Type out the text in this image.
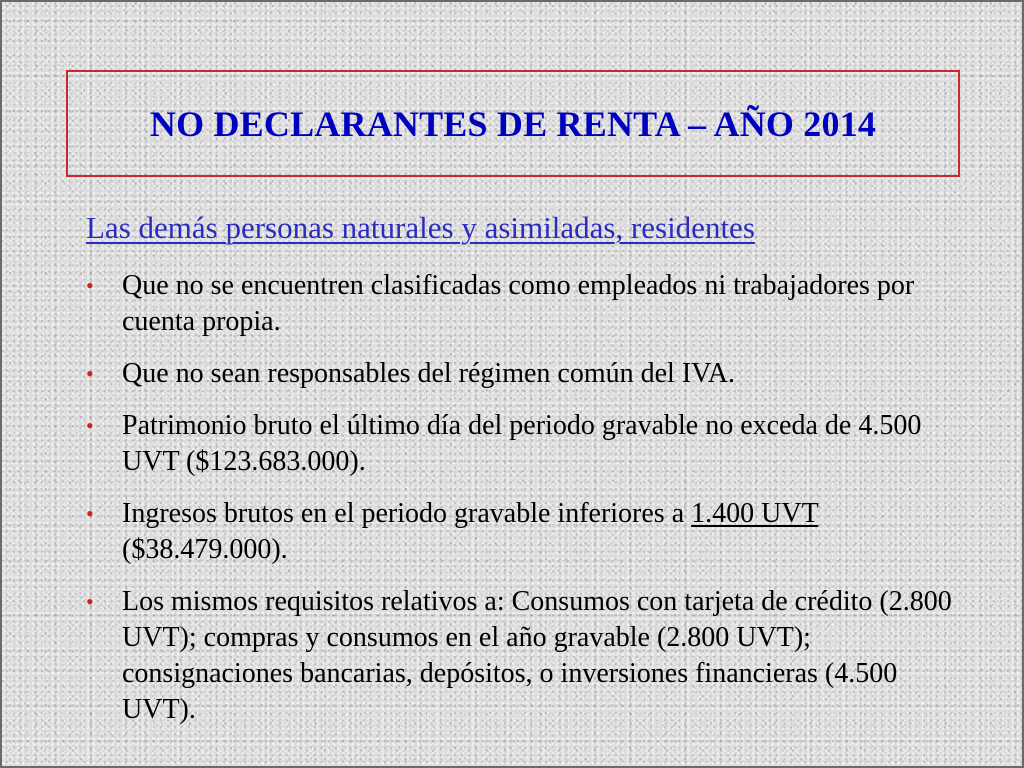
NO DECLARANTES DE RENTA – AÑO 2014

Las demás personas naturales y asimiladas, residentes

• Que no se encuentren clasificadas como empleados ni trabajadores por cuenta propia.
• Que no sean responsables del régimen común del IVA.
• Patrimonio bruto el último día del periodo gravable no exceda de 4.500 UVT ($123.683.000).
• Ingresos brutos en el periodo gravable inferiores a 1.400 UVT ($38.479.000).
• Los mismos requisitos relativos a: Consumos con tarjeta de crédito (2.800 UVT); compras y consumos en el año gravable (2.800 UVT); consignaciones bancarias, depósitos, o inversiones financieras (4.500 UVT).
